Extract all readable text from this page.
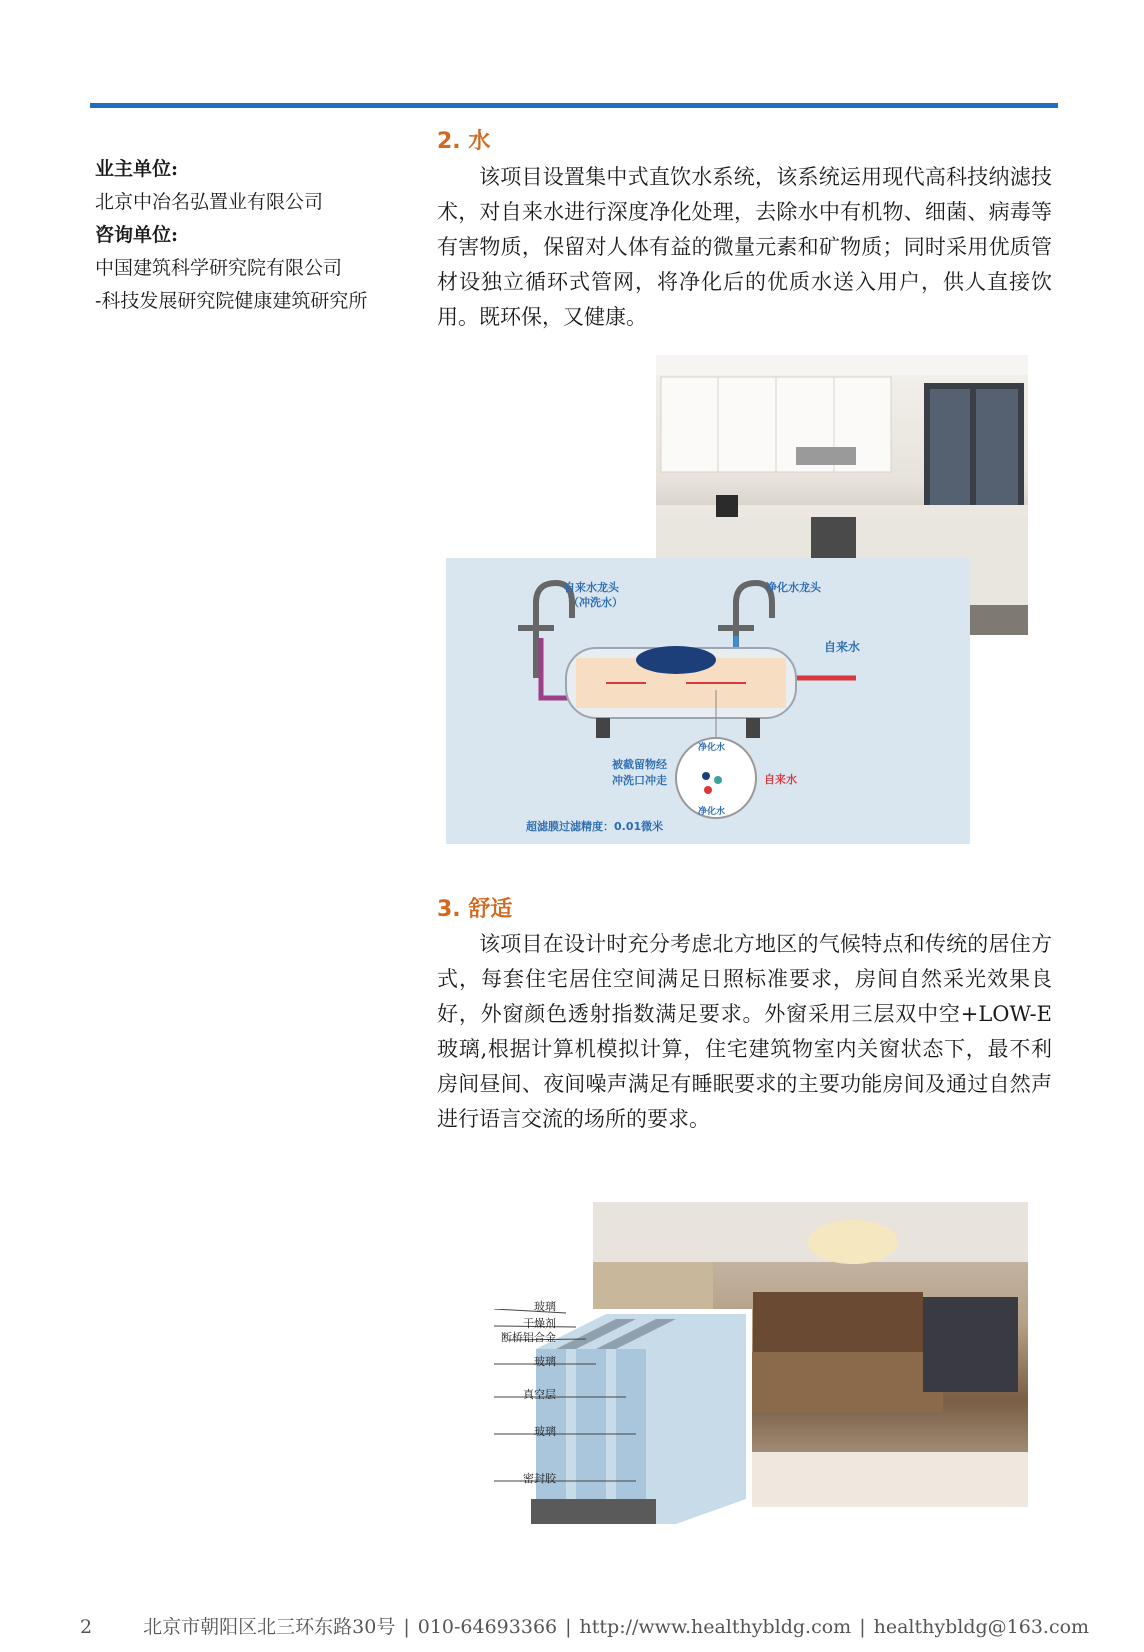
业主单位:
北京中冶名弘置业有限公司
咨询单位:
中国建筑科学研究院有限公司
-科技发展研究院健康建筑研究所
2. 水

该项目设置集中式直饮水系统，该系统运用现代高科技纳滤技术，对自来水进行深度净化处理，去除水中有机物、细菌、病毒等有害物质，保留对人体有益的微量元素和矿物质；同时采用优质管材设独立循环式管网，将净化后的优质水送入用户，供人直接饮用。既环保，又健康。

自来水龙头
（冲洗水）
净化水龙头
自来水
净化水
净化水
自来水
被截留物经
冲洗口冲走
超滤膜过滤精度：0.01微米
3. 舒适

该项目在设计时充分考虑北方地区的气候特点和传统的居住方式，每套住宅居住空间满足日照标准要求，房间自然采光效果良好，外窗颜色透射指数满足要求。外窗采用三层双中空+LOW-E玻璃,根据计算机模拟计算，住宅建筑物室内关窗状态下，最不利房间昼间、夜间噪声满足有睡眠要求的主要功能房间及通过自然声进行语言交流的场所的要求。

玻璃
干燥剂
断桥铝合金
玻璃
真空层
玻璃
密封胶
2	北京市朝阳区北三环东路30号 | 010-64693366 | http://www.healthybldg.com | healthybldg@163.com
